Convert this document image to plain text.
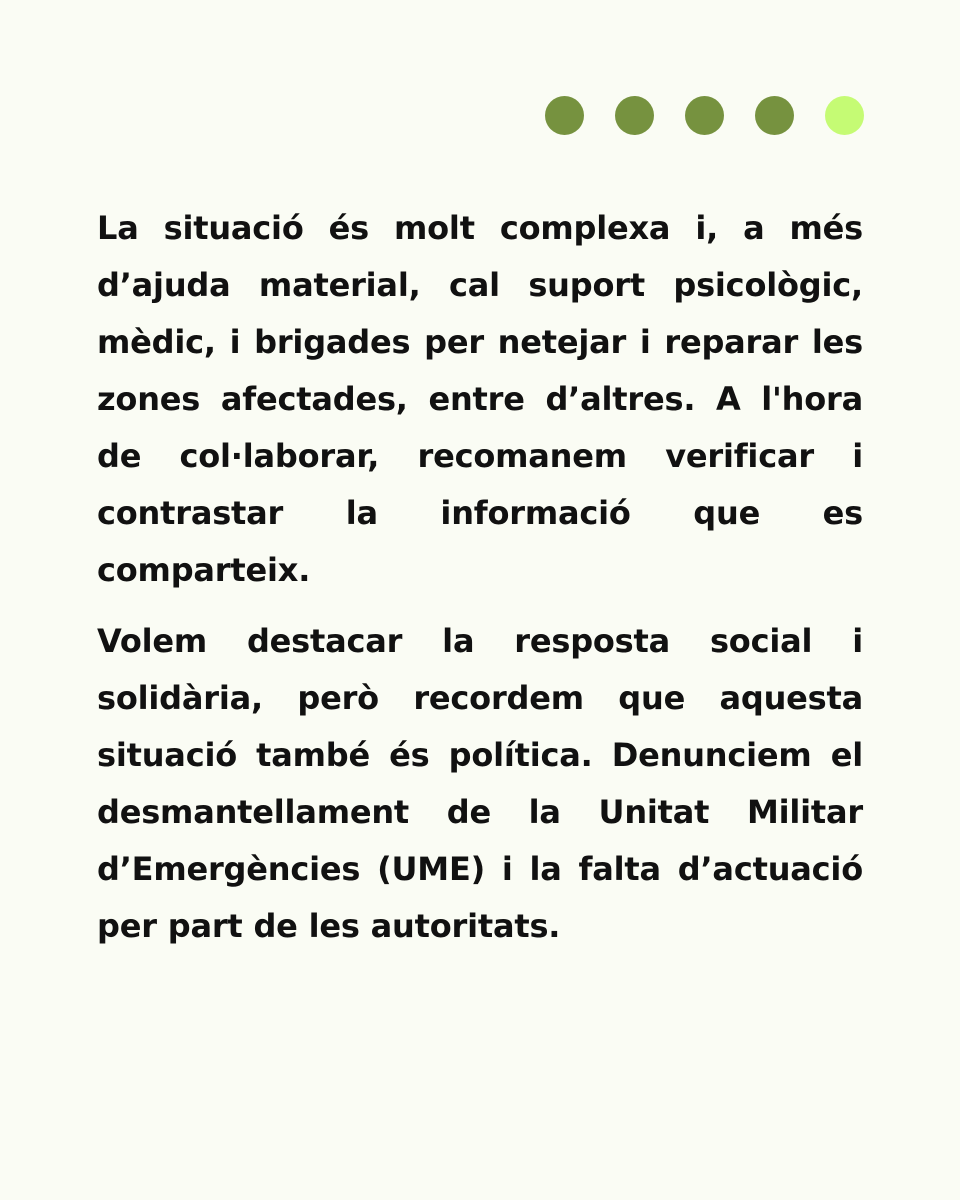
La situació és molt complexa i, a més d’ajuda material, cal suport psicològic, mèdic, i brigades per netejar i reparar les zones afectades, entre d’altres. A l'hora de col·laborar, recomanem verificar i contrastar la informació que es comparteix.

Volem destacar la resposta social i solidària, però recordem que aquesta situació també és política. Denunciem el desmantellament de la Unitat Militar d’Emergències (UME) i la falta d’actuació per part de les autoritats.
